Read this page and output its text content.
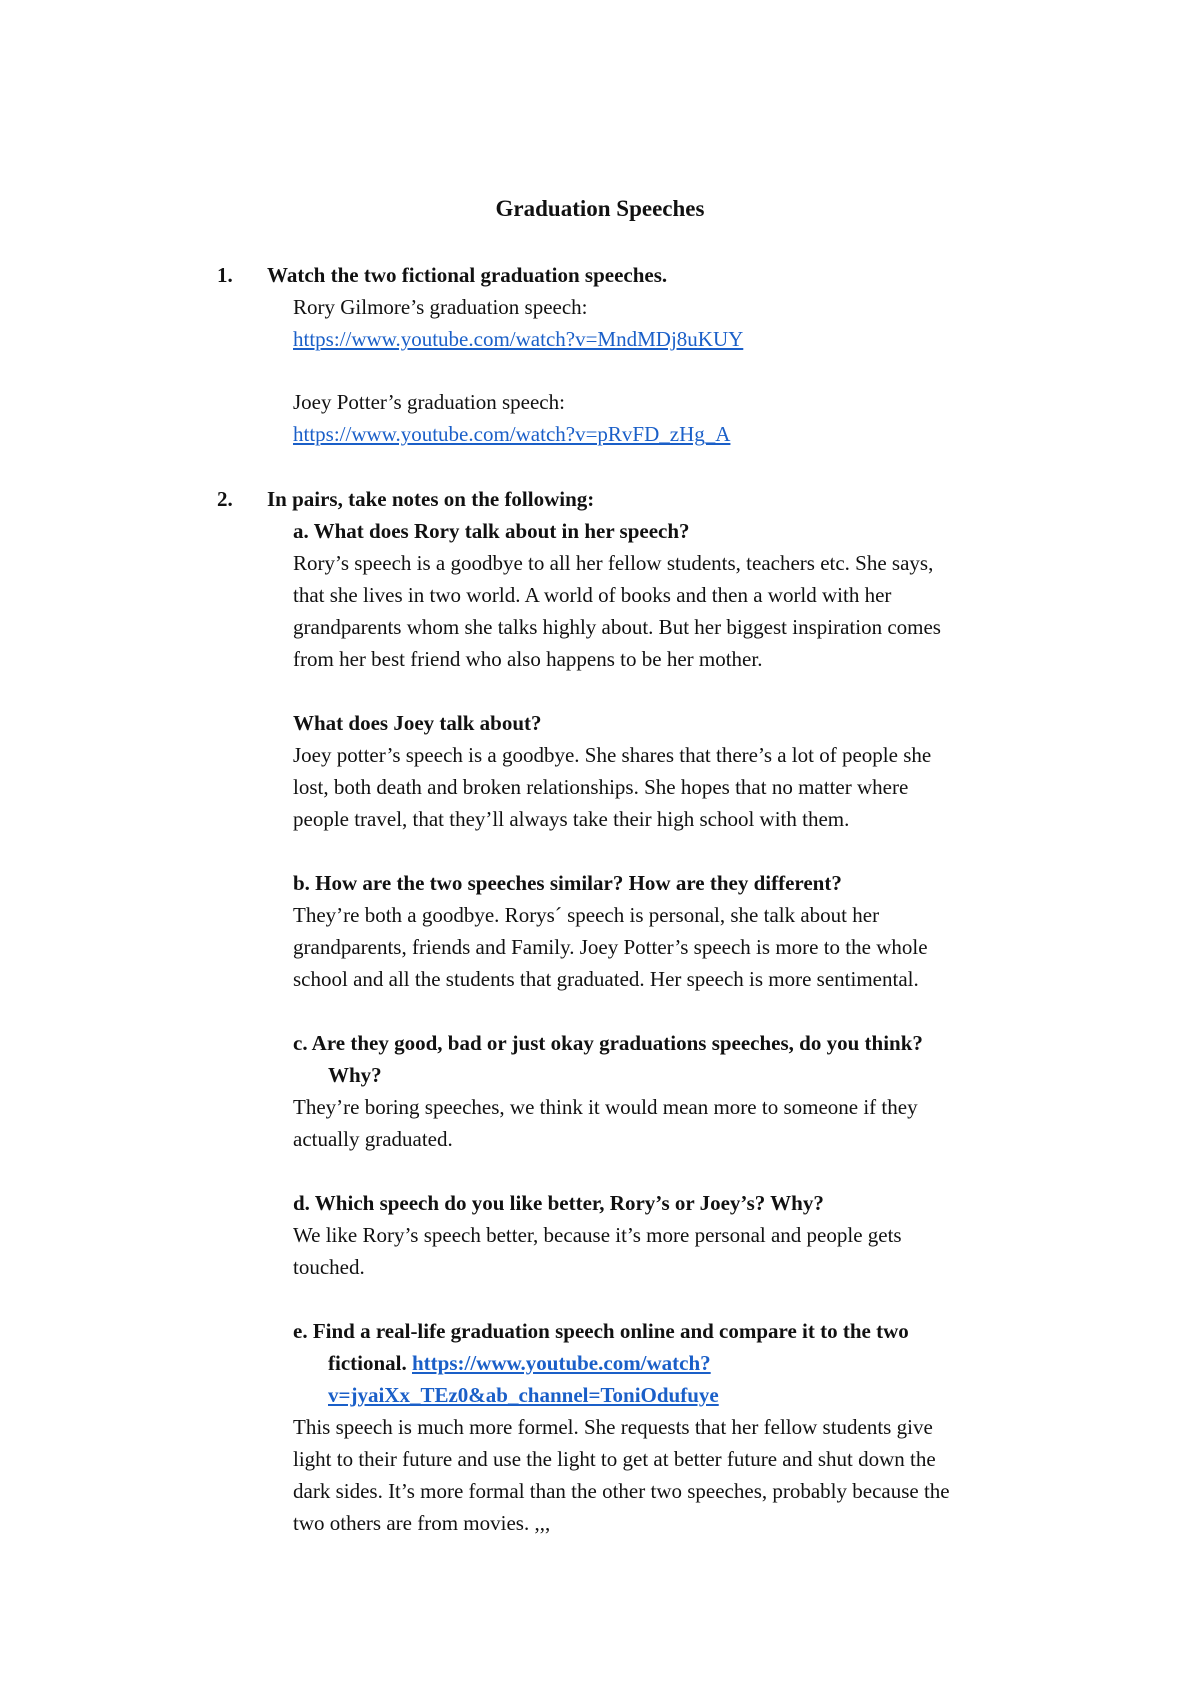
Graduation Speeches

1. Watch the two fictional graduation speeches.

Rory Gilmore’s graduation speech:

https://www.youtube.com/watch?v=MndMDj8uKUY

Joey Potter’s graduation speech:

https://www.youtube.com/watch?v=pRvFD_zHg_A

2. In pairs, take notes on the following:

a. What does Rory talk about in her speech?

Rory’s speech is a goodbye to all her fellow students, teachers etc. She says,

that she lives in two world. A world of books and then a world with her

grandparents whom she talks highly about. But her biggest inspiration comes

from her best friend who also happens to be her mother.

What does Joey talk about?

Joey potter’s speech is a goodbye. She shares that there’s a lot of people she

lost, both death and broken relationships. She hopes that no matter where

people travel, that they’ll always take their high school with them.

b. How are the two speeches similar? How are they different?

They’re both a goodbye. Rorys´ speech is personal, she talk about her

grandparents, friends and Family. Joey Potter’s speech is more to the whole

school and all the students that graduated. Her speech is more sentimental.

c. Are they good, bad or just okay graduations speeches, do you think?

Why?

They’re boring speeches, we think it would mean more to someone if they

actually graduated.

d. Which speech do you like better, Rory’s or Joey’s? Why?

We like Rory’s speech better, because it’s more personal and people gets

touched.

e. Find a real-life graduation speech online and compare it to the two

fictional. https://www.youtube.com/watch?

v=jyaiXx_TEz0&ab_channel=ToniOdufuye

This speech is much more formel. She requests that her fellow students give

light to their future and use the light to get at better future and shut down the

dark sides. It’s more formal than the other two speeches, probably because the

two others are from movies. ,,,
